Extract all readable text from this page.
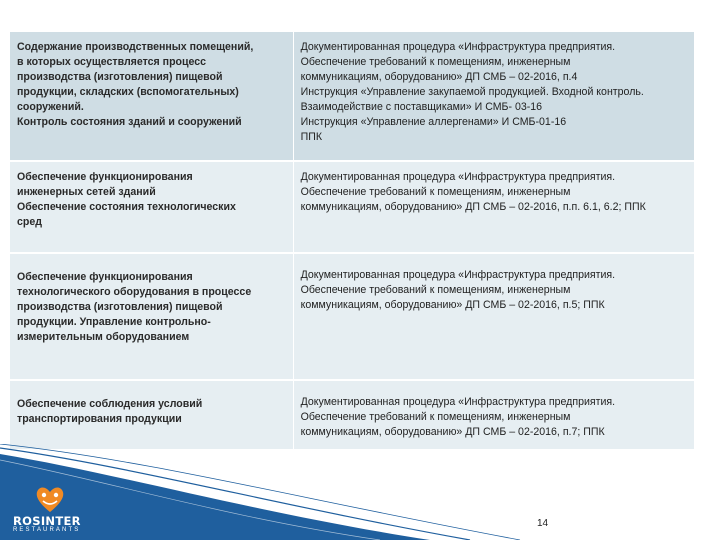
Содержание производственных помещений,
в которых осуществляется процесс
производства (изготовления) пищевой
продукции, складских (вспомогательных)
сооружений.
Контроль состояния зданий и сооружений
Документированная процедура «Инфраструктура предприятия.
Обеспечение требований к помещениям, инженерным
коммуникациям, оборудованию» ДП СМБ – 02-2016, п.4
Инструкция «Управление закупаемой продукцией. Входной контроль.
Взаимодействие с поставщиками» И СМБ- 03-16
Инструкция «Управление аллергенами» И СМБ-01-16
ППК
Обеспечение функционирования
инженерных сетей зданий
Обеспечение состояния технологических
сред
Документированная процедура «Инфраструктура предприятия.
Обеспечение требований к помещениям, инженерным
коммуникациям, оборудованию» ДП СМБ – 02-2016, п.п. 6.1, 6.2; ППК
Обеспечение функционирования
технологического оборудования в процессе
производства (изготовления) пищевой
продукции. Управление контрольно-
измерительным оборудованием
Документированная процедура «Инфраструктура предприятия.
Обеспечение требований к помещениям, инженерным
коммуникациям, оборудованию» ДП СМБ – 02-2016, п.5; ППК
Обеспечение соблюдения условий
транспортирования продукции
Документированная процедура «Инфраструктура предприятия.
Обеспечение требований к помещениям, инженерным
коммуникациям, оборудованию» ДП СМБ – 02-2016, п.7; ППК
ROSINTER
RESTAURANTS
14
